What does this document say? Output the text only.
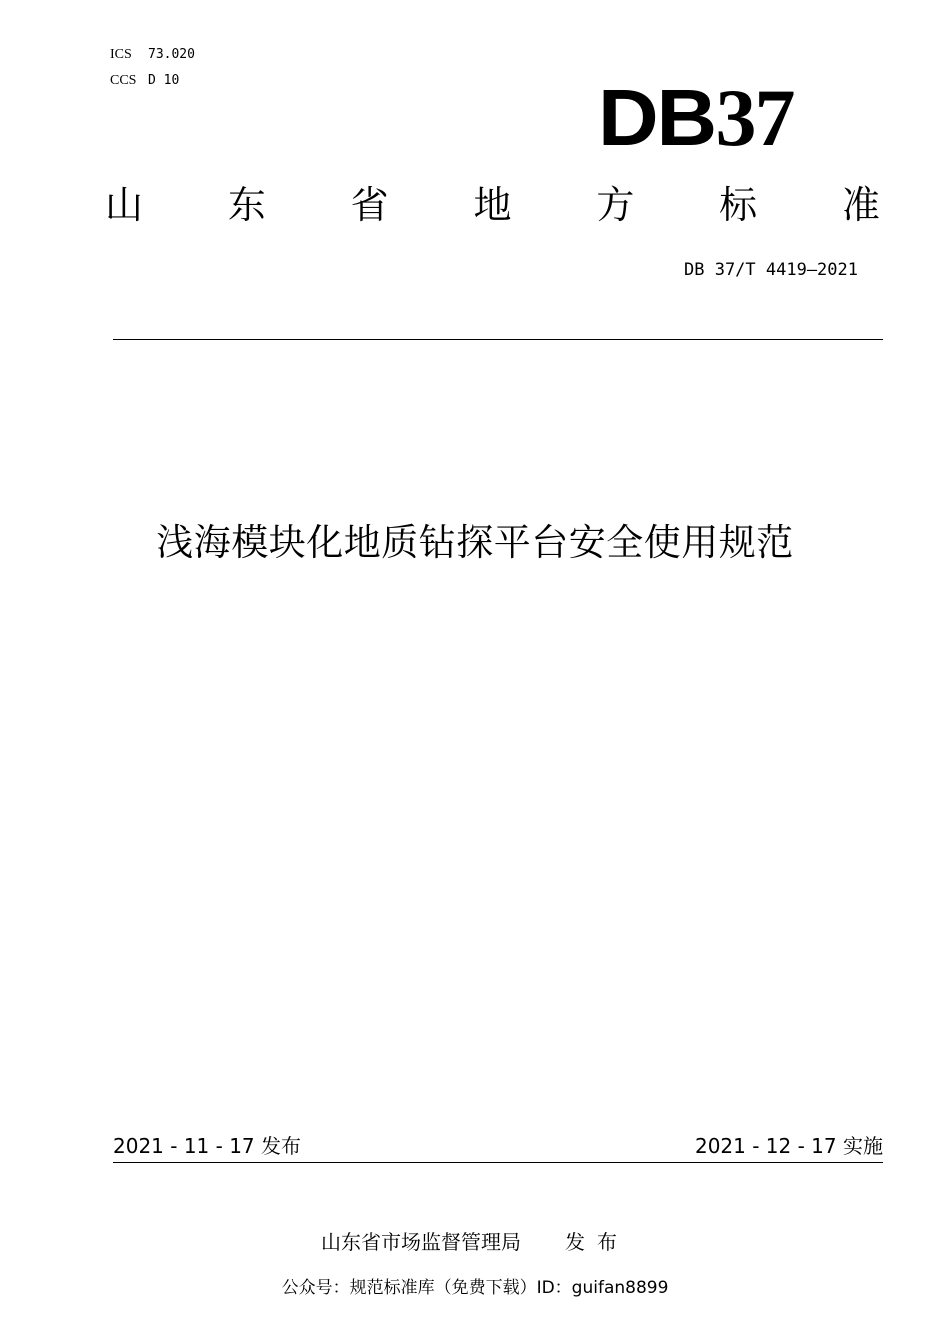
ICS 73.020
CCS D 10	DB37
山 东 省 地 方 标 准
DB 37/T 4419—2021
浅海模块化地质钻探平台安全使用规范
2021 - 11 - 17 发布	2021 - 12 - 17 实施
山东省市场监督管理局 发布
公众号：规范标准库（免费下载）ID：guifan8899
